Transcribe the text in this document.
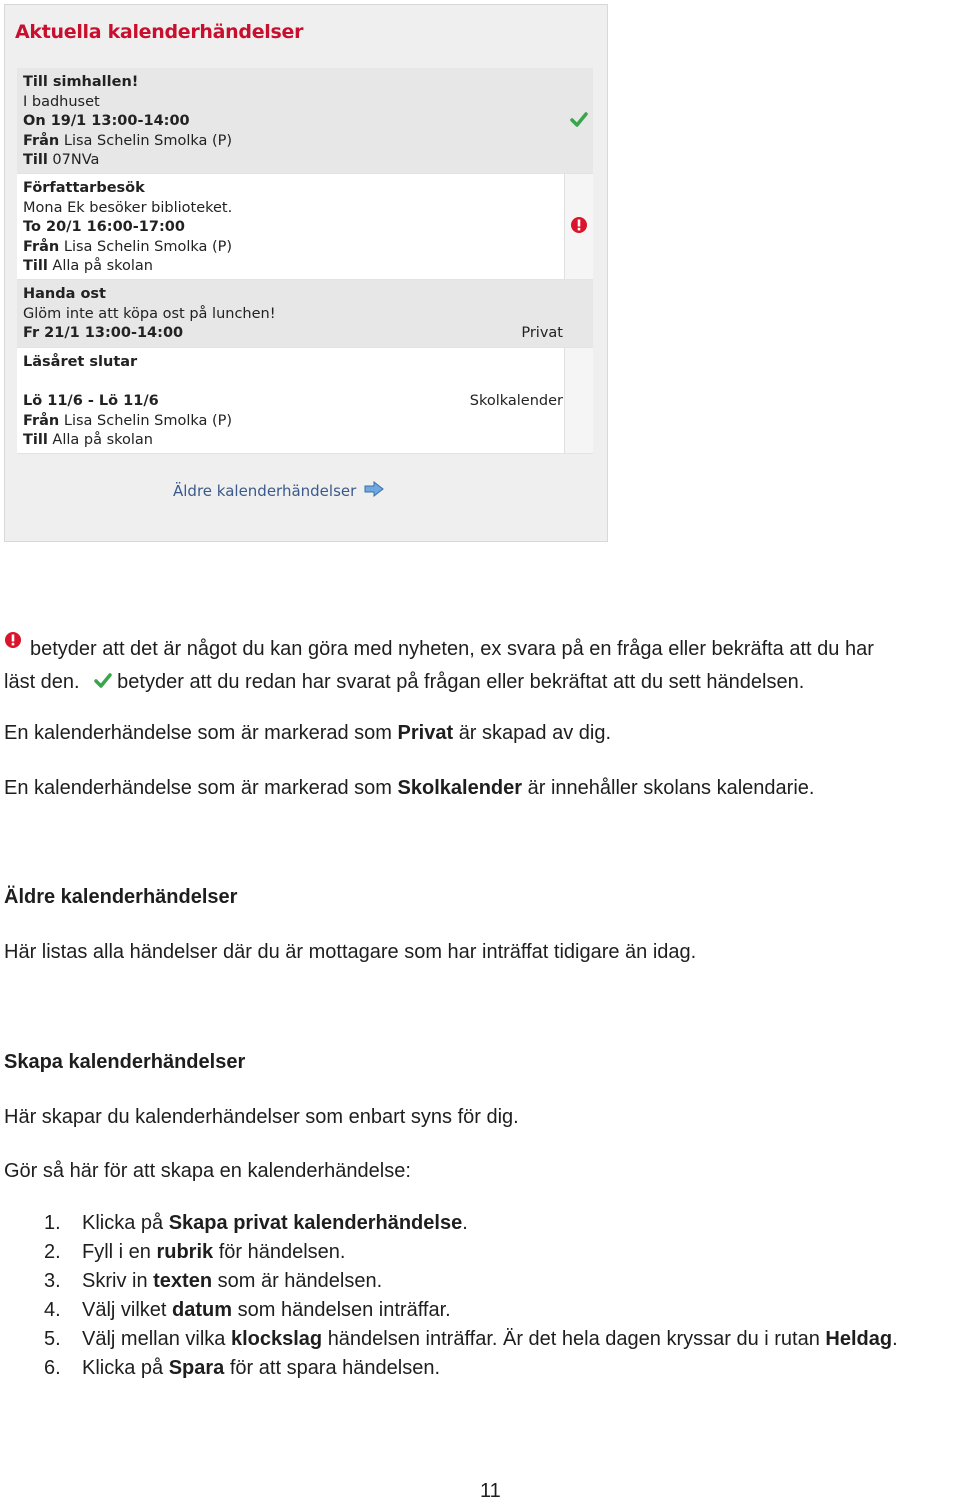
Aktuella kalenderhändelser
Till simhallen!
I badhuset
On 19/1 13:00-14:00
Från Lisa Schelin Smolka (P)
Till 07NVa
Författarbesök
Mona Ek besöker biblioteket.
To 20/1 16:00-17:00
Från Lisa Schelin Smolka (P)
Till Alla på skolan
Handa ost
Glöm inte att köpa ost på lunchen!
Fr 21/1 13:00-14:00	Privat
Läsåret slutar
Lö 11/6 - Lö 11/6
Från Lisa Schelin Smolka (P)
Till Alla på skolan
Skolkalender
Äldre kalenderhändelser
betyder att det är något du kan göra med nyheten, ex svara på en fråga eller bekräfta att du har
läst den. betyder att du redan har svarat på frågan eller bekräftat att du sett händelsen.
En kalenderhändelse som är markerad som Privat är skapad av dig.
En kalenderhändelse som är markerad som Skolkalender är innehåller skolans kalendarie.
Äldre kalenderhändelser
Här listas alla händelser där du är mottagare som har inträffat tidigare än idag.
Skapa kalenderhändelser
Här skapar du kalenderhändelser som enbart syns för dig.
Gör så här för att skapa en kalenderhändelse:
1.	Klicka på Skapa privat kalenderhändelse.
2.	Fyll i en rubrik för händelsen.
3.	Skriv in texten som är händelsen.
4.	Välj vilket datum som händelsen inträffar.
5.	Välj mellan vilka klockslag händelsen inträffar. Är det hela dagen kryssar du i rutan Heldag.
6.	Klicka på Spara för att spara händelsen.
11
